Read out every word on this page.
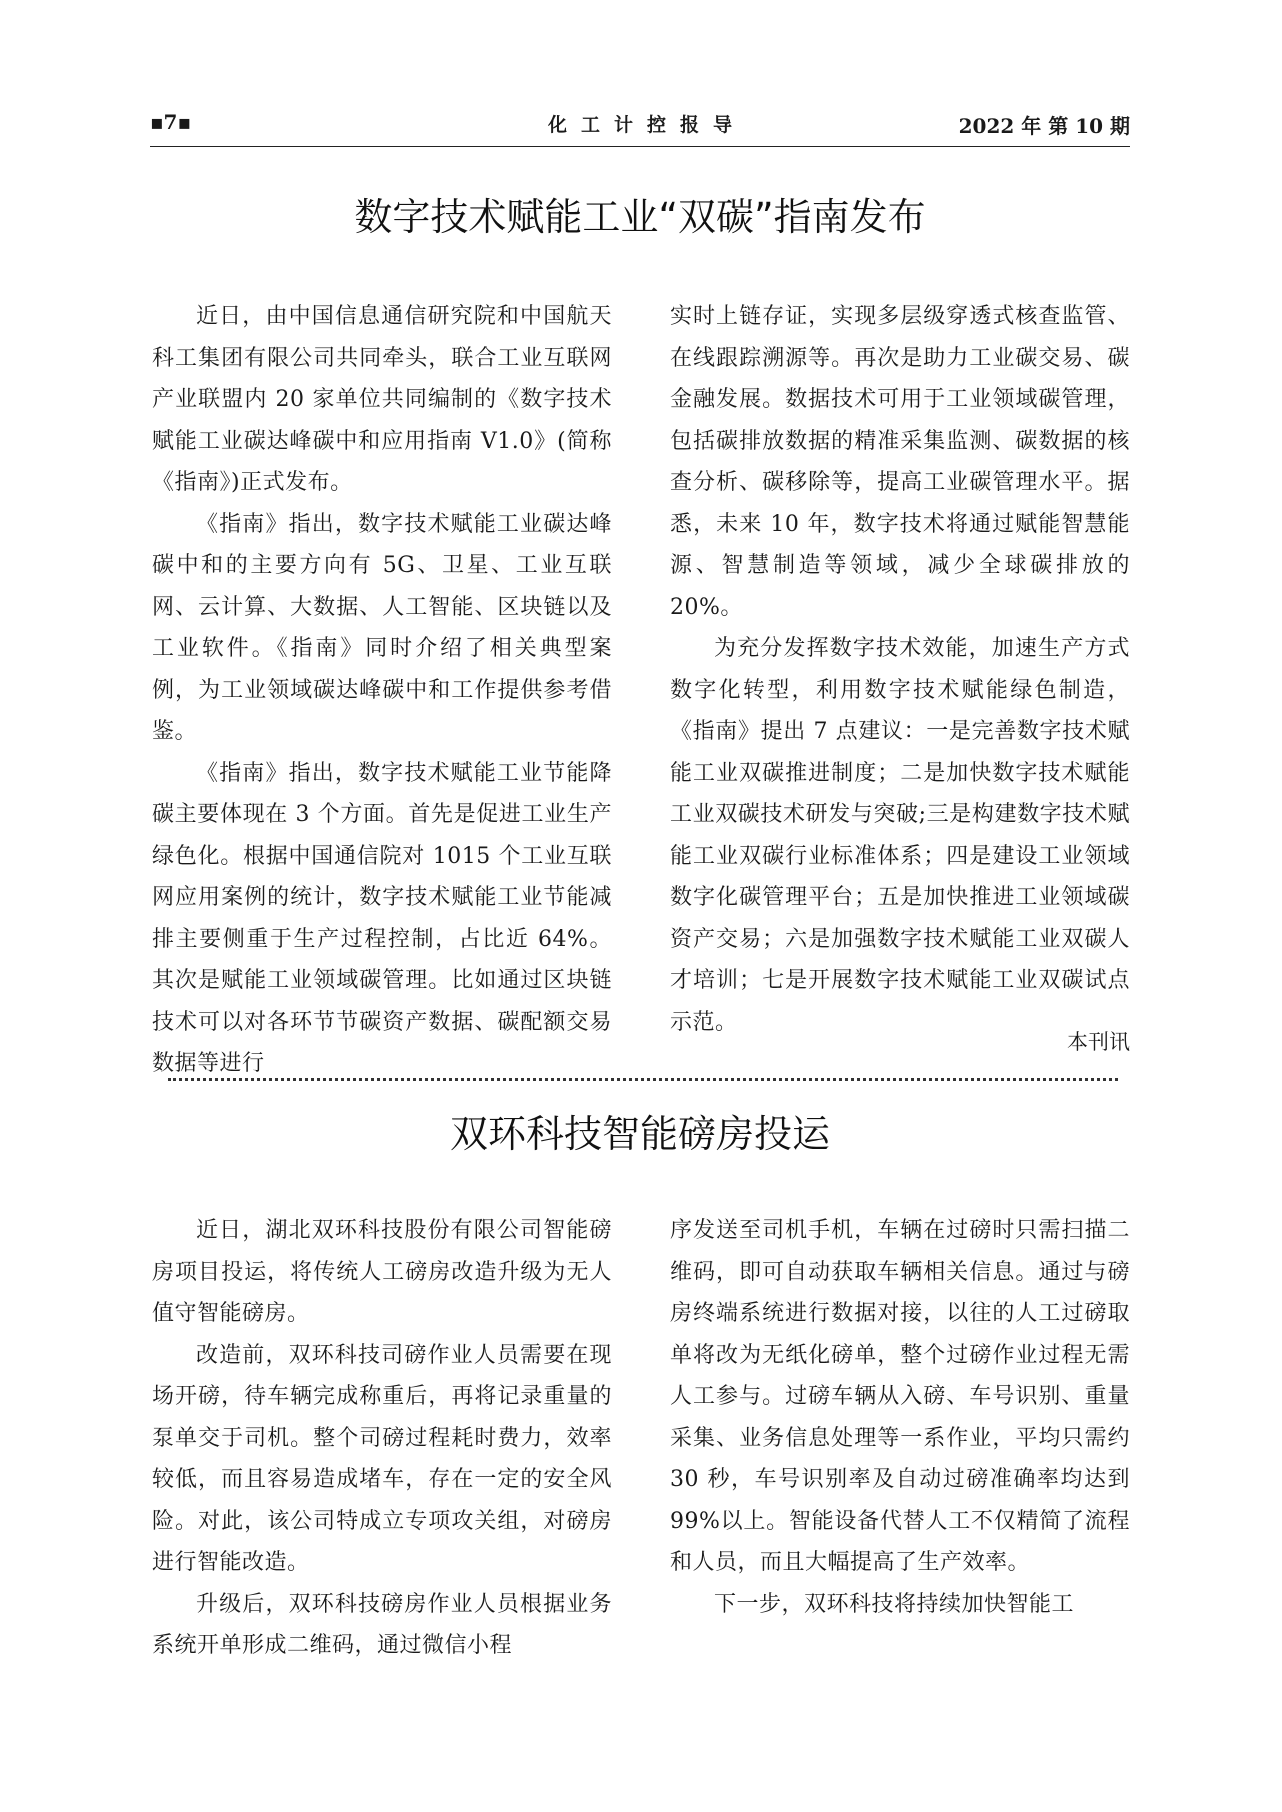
▪7▪	化工计控报导	2022 年 第 10 期
数字技术赋能工业“双碳”指南发布

近日，由中国信息通信研究院和中国航天科工集团有限公司共同牵头，联合工业互联网产业联盟内 20 家单位共同编制的《数字技术赋能工业碳达峰碳中和应用指南 V1.0》(简称《指南》)正式发布。

《指南》指出，数字技术赋能工业碳达峰碳中和的主要方向有 5G、卫星、工业互联网、云计算、大数据、人工智能、区块链以及工业软件。《指南》同时介绍了相关典型案例，为工业领域碳达峰碳中和工作提供参考借鉴。

《指南》指出，数字技术赋能工业节能降碳主要体现在 3 个方面。首先是促进工业生产绿色化。根据中国通信院对 1015 个工业互联网应用案例的统计，数字技术赋能工业节能减排主要侧重于生产过程控制，占比近 64%。其次是赋能工业领域碳管理。比如通过区块链技术可以对各环节节碳资产数据、碳配额交易数据等进行

实时上链存证，实现多层级穿透式核查监管、在线跟踪溯源等。再次是助力工业碳交易、碳金融发展。数据技术可用于工业领域碳管理，包括碳排放数据的精准采集监测、碳数据的核查分析、碳移除等，提高工业碳管理水平。据悉，未来 10 年，数字技术将通过赋能智慧能源、智慧制造等领域，减少全球碳排放的 20%。

为充分发挥数字技术效能，加速生产方式数字化转型，利用数字技术赋能绿色制造，《指南》提出 7 点建议：一是完善数字技术赋能工业双碳推进制度；二是加快数字技术赋能工业双碳技术研发与突破;三是构建数字技术赋能工业双碳行业标准体系；四是建设工业领域数字化碳管理平台；五是加快推进工业领域碳资产交易；六是加强数字技术赋能工业双碳人才培训；七是开展数字技术赋能工业双碳试点示范。

本刊讯
双环科技智能磅房投运

近日，湖北双环科技股份有限公司智能磅房项目投运，将传统人工磅房改造升级为无人值守智能磅房。

改造前，双环科技司磅作业人员需要在现场开磅，待车辆完成称重后，再将记录重量的泵单交于司机。整个司磅过程耗时费力，效率较低，而且容易造成堵车，存在一定的安全风险。对此，该公司特成立专项攻关组，对磅房进行智能改造。

升级后，双环科技磅房作业人员根据业务系统开单形成二维码，通过微信小程

序发送至司机手机，车辆在过磅时只需扫描二维码，即可自动获取车辆相关信息。通过与磅房终端系统进行数据对接，以往的人工过磅取单将改为无纸化磅单，整个过磅作业过程无需人工参与。过磅车辆从入磅、车号识别、重量采集、业务信息处理等一系作业，平均只需约 30 秒，车号识别率及自动过磅准确率均达到 99%以上。智能设备代替人工不仅精简了流程和人员，而且大幅提高了生产效率。

下一步，双环科技将持续加快智能工
